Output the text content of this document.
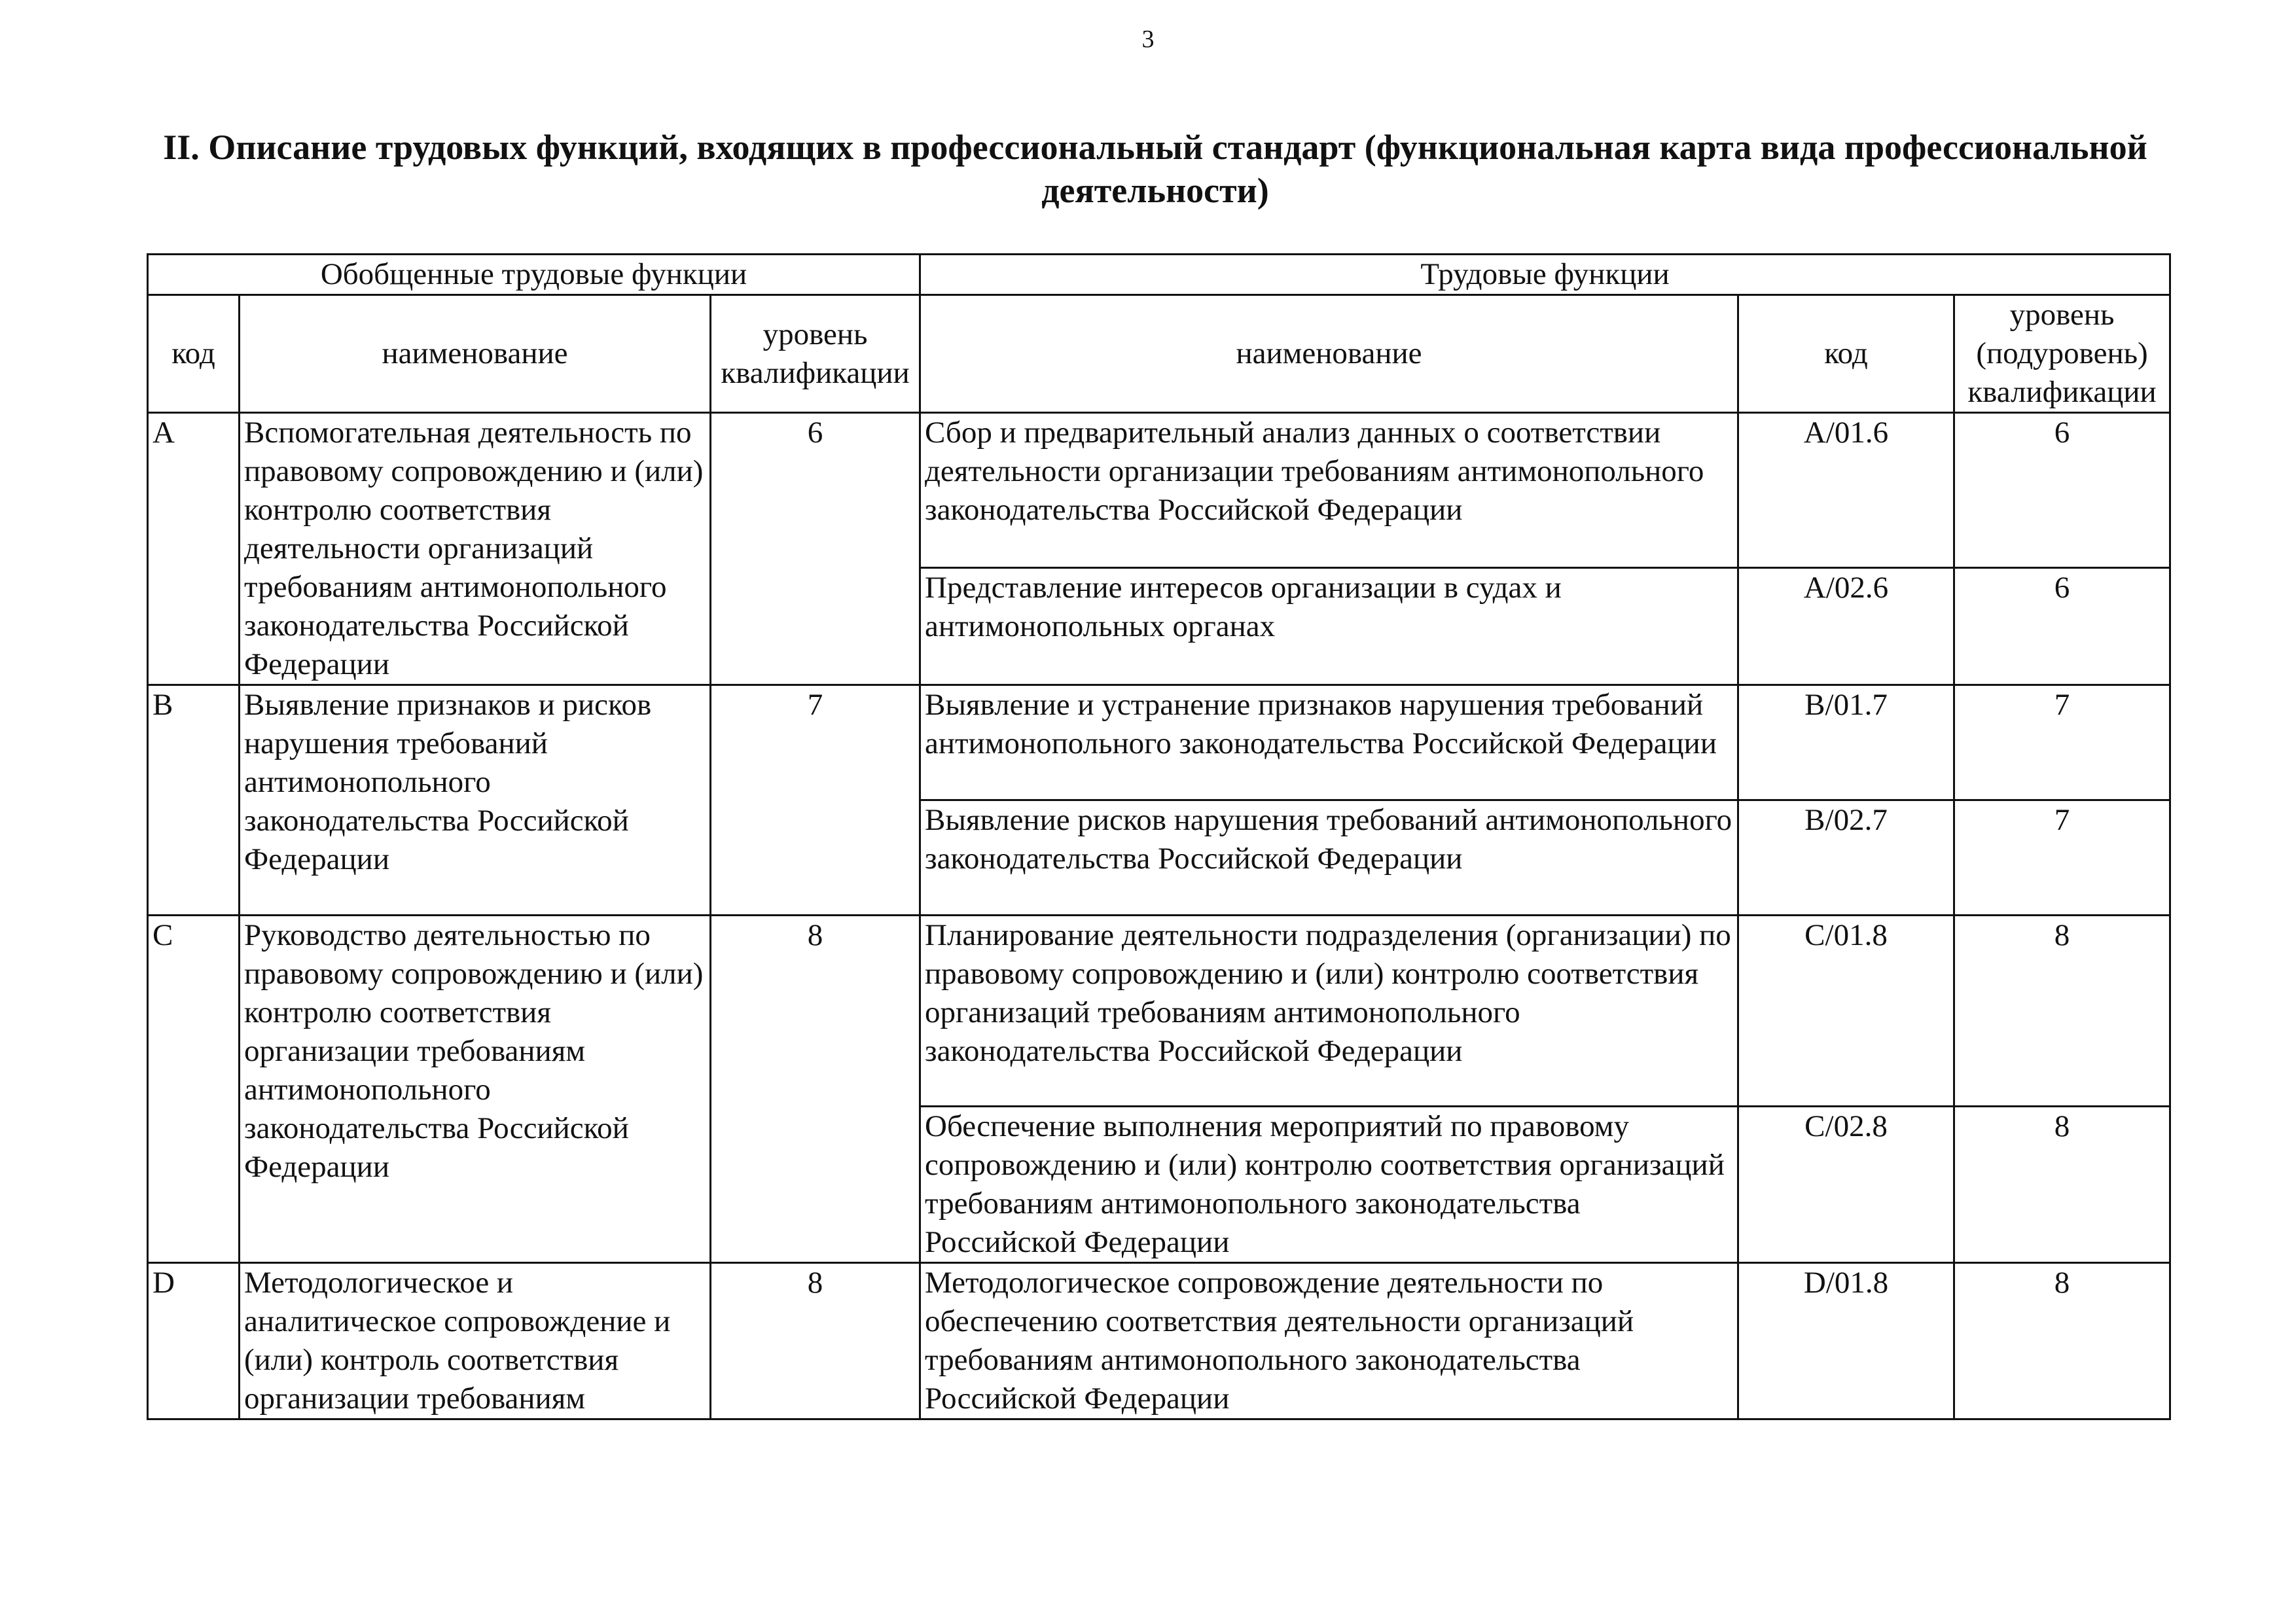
3
II. Описание трудовых функций, входящих в профессиональный стандарт (функциональная карта вида профессиональной деятельности)
Обобщенные трудовые функции			Трудовые функции		
код	наименование	уровень квалификации	наименование	код	уровень (подуровень) квалификации
A	Вспомогательная деятельность по правовому сопровождению и (или) контролю соответствия деятельности организаций требованиям антимонопольного законодательства Российской Федерации	6	Сбор и предварительный анализ данных о соответствии деятельности организации требованиям антимонопольного законодательства Российской Федерации	A/01.6	6
			Представление интересов организации в судах и антимонопольных органах	A/02.6	6
B	Выявление признаков и рисков нарушения требований антимонопольного законодательства Российской Федерации	7	Выявление и устранение признаков нарушения требований антимонопольного законодательства Российской Федерации	B/01.7	7
			Выявление рисков нарушения требований антимонопольного законодательства Российской Федерации	B/02.7	7
C	Руководство деятельностью по правовому сопровождению и (или) контролю соответствия организации требованиям антимонопольного законодательства Российской Федерации	8	Планирование деятельности подразделения (организации) по правовому сопровождению и (или) контролю соответствия организаций требованиям антимонопольного законодательства Российской Федерации	C/01.8	8
			Обеспечение выполнения мероприятий по правовому сопровождению и (или) контролю соответствия организаций требованиям антимонопольного законодательства Российской Федерации	C/02.8	8
D	Методологическое и аналитическое сопровождение и (или) контроль соответствия организации требованиям	8	Методологическое сопровождение деятельности по обеспечению соответствия деятельности организаций требованиям антимонопольного законодательства Российской Федерации	D/01.8	8
